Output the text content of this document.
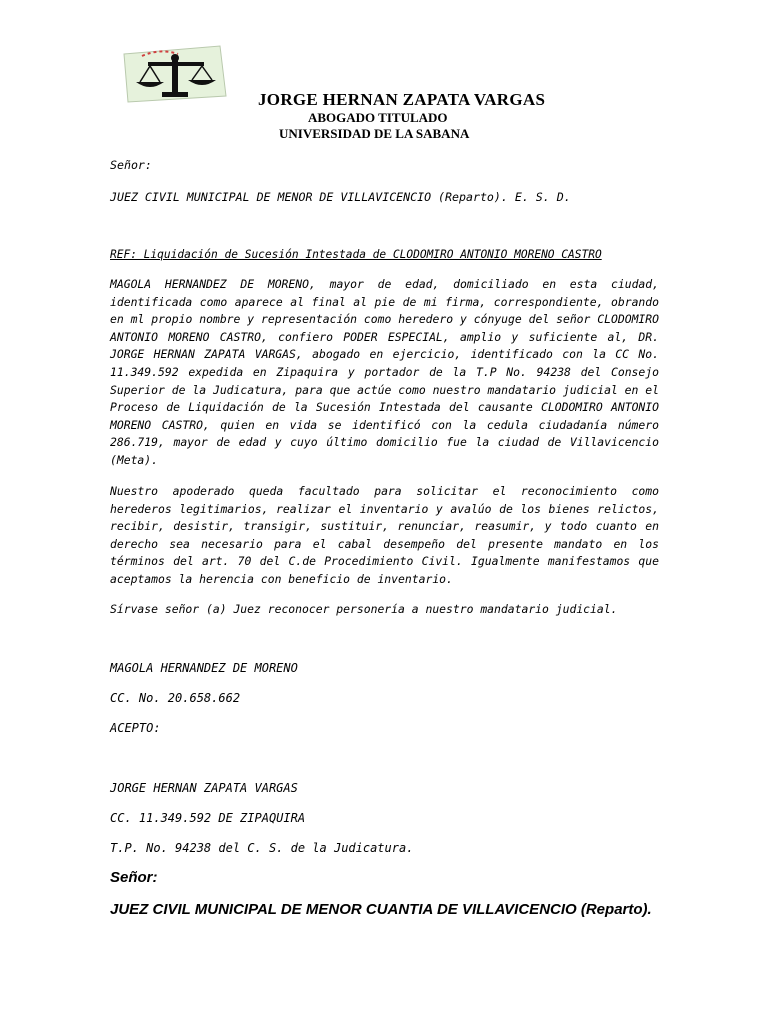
JORGE HERNAN ZAPATA VARGAS
ABOGADO TITULADO
UNIVERSIDAD DE LA SABANA
Señor:
JUEZ CIVIL MUNICIPAL DE MENOR DE VILLAVICENCIO (Reparto). E. S. D.
REF: Liquidación de Sucesión Intestada de CLODOMIRO ANTONIO MORENO CASTRO
MAGOLA HERNANDEZ DE MORENO, mayor de edad, domiciliado en esta ciudad, identificada como aparece al final al pie de mi firma, correspondiente, obrando en ml propio nombre y representación como heredero y cónyuge del señor CLODOMIRO ANTONIO MORENO CASTRO, confiero PODER ESPECIAL, amplio y suficiente al, DR. JORGE HERNAN ZAPATA VARGAS, abogado en ejercicio, identificado con la CC No. 11.349.592 expedida en Zipaquira y portador de la T.P No. 94238 del Consejo Superior de la Judicatura, para que actúe como nuestro mandatario judicial en el Proceso de Liquidación de la Sucesión Intestada del causante CLODOMIRO ANTONIO MORENO CASTRO, quien en vida se identificó con la cedula ciudadanía número 286.719, mayor de edad y cuyo último domicilio fue la ciudad de Villavicencio (Meta).
Nuestro apoderado queda facultado para solicitar el reconocimiento como herederos legitimarios, realizar el inventario y avalúo de los bienes relictos, recibir, desistir, transigir, sustituir, renunciar, reasumir, y todo cuanto en derecho sea necesario para el cabal desempeño del presente mandato en los términos del art. 70 del C.de Procedimiento Civil. Igualmente manifestamos que aceptamos la herencia con beneficio de inventario.
Sírvase señor (a) Juez reconocer personería a nuestro mandatario judicial.
MAGOLA HERNANDEZ DE MORENO
CC. No. 20.658.662
ACEPTO:
JORGE HERNAN ZAPATA VARGAS
CC. 11.349.592 DE ZIPAQUIRA
T.P. No. 94238 del C. S. de la Judicatura.
Señor:
JUEZ CIVIL MUNICIPAL DE MENOR CUANTIA DE VILLAVICENCIO (Reparto).
